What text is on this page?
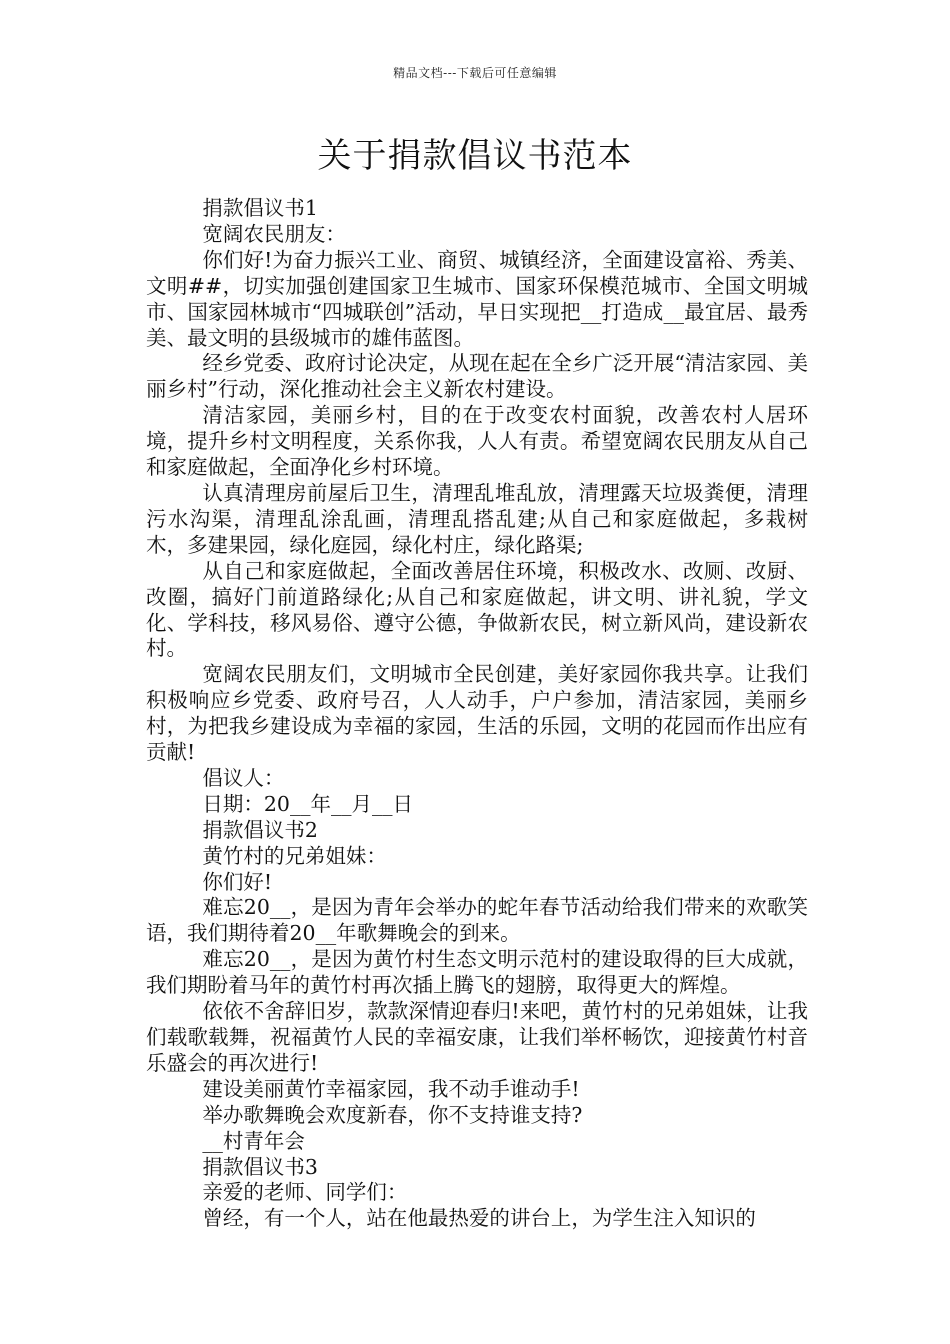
精品文档---下载后可任意编辑
关于捐款倡议书范本

捐款倡议书1

宽阔农民朋友：

你们好!为奋力振兴工业、商贸、城镇经济，全面建设富裕、秀美、文明##，切实加强创建国家卫生城市、国家环保模范城市、全国文明城市、国家园林城市“四城联创”活动，早日实现把__打造成__最宜居、最秀美、最文明的县级城市的雄伟蓝图。

经乡党委、政府讨论决定，从现在起在全乡广泛开展“清洁家园、美丽乡村”行动，深化推动社会主义新农村建设。

清洁家园，美丽乡村，目的在于改变农村面貌，改善农村人居环境，提升乡村文明程度，关系你我，人人有责。希望宽阔农民朋友从自己和家庭做起，全面净化乡村环境。

认真清理房前屋后卫生，清理乱堆乱放，清理露天垃圾粪便，清理污水沟渠，清理乱涂乱画，清理乱搭乱建;从自己和家庭做起，多栽树木，多建果园，绿化庭园，绿化村庄，绿化路渠;

从自己和家庭做起，全面改善居住环境，积极改水、改厕、改厨、改圈，搞好门前道路绿化;从自己和家庭做起，讲文明、讲礼貌，学文化、学科技，移风易俗、遵守公德，争做新农民，树立新风尚，建设新农村。

宽阔农民朋友们，文明城市全民创建，美好家园你我共享。让我们积极响应乡党委、政府号召，人人动手，户户参加，清洁家园，美丽乡村，为把我乡建设成为幸福的家园，生活的乐园，文明的花园而作出应有贡献!

倡议人：

日期：20__年__月__日

捐款倡议书2

黄竹村的兄弟姐妹：

你们好!

难忘20__，是因为青年会举办的蛇年春节活动给我们带来的欢歌笑语，我们期待着20__年歌舞晚会的到来。

难忘20__，是因为黄竹村生态文明示范村的建设取得的巨大成就，我们期盼着马年的黄竹村再次插上腾飞的翅膀，取得更大的辉煌。

依依不舍辞旧岁，款款深情迎春归!来吧，黄竹村的兄弟姐妹，让我们载歌载舞，祝福黄竹人民的幸福安康，让我们举杯畅饮，迎接黄竹村音乐盛会的再次进行!

建设美丽黄竹幸福家园，我不动手谁动手!

举办歌舞晚会欢度新春，你不支持谁支持?

__村青年会

捐款倡议书3

亲爱的老师、同学们：

曾经，有一个人，站在他最热爱的讲台上，为学生注入知识的
